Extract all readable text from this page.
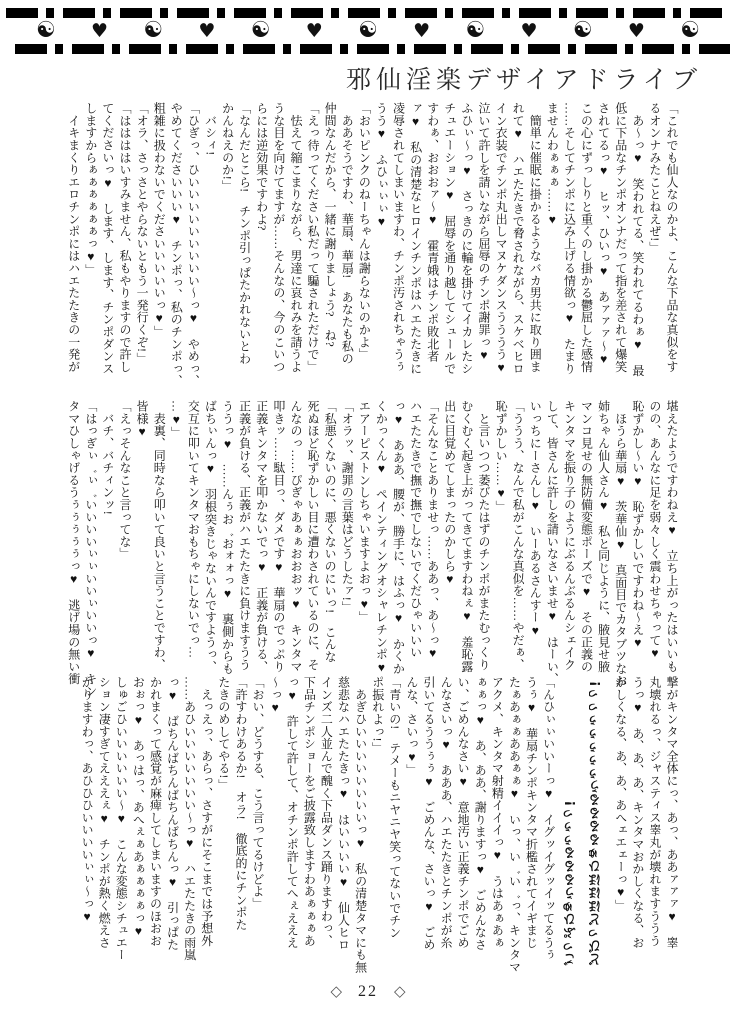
☯ ♥ ☯ ♥ ☯ ♥ ☯ ♥ ☯ ♥ ☯ ♥ ☯
邪仙淫楽デザイアドライブ
「これでも仙人なのかよ、こんな下品な真似をす
るオンナみたことねえぜ!」
　あ〜っ♥　笑われてる、笑われてるわぁ♥　最
低に下品なチンポオンナだって指を差されて爆笑
されてるっ♥　ヒッ、ひいっ♥　あァァァ〜♥
この心にずっしりと重くのし掛かる鬱屈した感情
……そしてチンポに込み上げる情欲っ♥　たまり
ませんわぁぁぁ……♥
　簡単に催眠に掛かるようなバカ男共に取り囲ま
れて♥　ハエたたきで脅されながら、スケベヒロ
イン衣装でチンポ丸出しマヌケダンスうううう♥
泣いて許しを請いながら屈辱のチンポ謝罪っ♥
ふひぃ〜っ♥　さっきのに輪を掛けてイカレたシ
チュエーション♥　屈辱を通り越してシュールで
すわぁ、おおおァ〜♥　霍青娥はチンポ敗北者
ァ♥　私の清楚なヒロインチンポはハエたたきに
凌辱されてしまいますわ、チンポ汚されちゃうぅ
うう♥　ふひぃぃぃ♥
「おいピンクのねーちゃんは謝らないのかよ」
　ああそうですわ、華扇、華扇!　あなたも私の
仲間なんだから、一緒に謝りましょう?　ね?
「えっ待ってください私だって騙されただけで」
　怯えて縮こまりながら、男達に哀れみを請うよ
うな目を向けてますが……そんなの、今のこいつ
らには逆効果ですわよ?
「なんだとこら!　チンポ引っぱたかれないとわ
かんねえのか!」
　バシィ!
「ひぎっ、ひいいいいいいいいい〜っ♥　やめっ、
やめてくださいいい♥　チンポっ、私のチンポっ、
粗雑に扱わないでくださいいいいいっ♥」
「オラ、さっさとやらないともう一発行くぞ!」
「ははははいすみません、私もやりますので許し
てくださいっ♥　します、します、チンポダンス
しますからぁぁぁぁぁぁっ♥」
　イキまくりエロチンポにはハエたたきの一発が
堪えたようですわねえ♥　立ち上がったはいいも
のの、あんなに足を弱々しく震わせちゃって♥
恥ずかし〜い♥　恥ずかしいですわね〜え♥
　ほうら華扇♥　茨華仙♥　真面目でカタブツなお
姉ちゃん仙人さん♥　私と同じように、腋見せ腋
マンコ見せの無防備変態ポーズで♥　その正義の
キンタマを振り子のようにぶるんぶるんシェイク
して、皆さんに許しを請いなさいませ♥　はーい、
いっちにーさんし♥　いーあるさんすー♥
「ううう、なんで私がこんな真似を……やだぁ、
恥ずかしい……♥」
　と言いつつ萎びたはずのチンポがまたむっくり
むくむく起き上がってきてますわねぇ♥　羞恥露
出に目覚めてしまったのかしら♥
「そんなことありませっ……ああっ、あ〜っ♥
ハエたたきで撫で撫でしないでくだひゃいいい
っ♥　あああ、腰が、勝手に、はふっ♥　かくか
くかっくん♥　ペインティングオシャレチンポ♥
エアーピストンしちゃいますよおっ♥」
「オラッ、謝罪の言葉はどうしたァ!」
「私悪くないのに、悪くないのにいっ!　こんな
死ぬほど恥ずかしい目に遭わされているのに、そ
んなのっ……ぴぎゃあぁぁおおおッ♥　キンタマ
叩きッ……駄目っ、ダメです♥　華扇のでっぷり
正義キンタマを叩かないでっ♥　正義が負ける、
正義が負ける、正義がハエたたきに負けますうう
ううっ♥　……んぅお゛おォォっ♥　裏側からも
ばちぃんっ♥　羽根突きじゃないんですようっ、
交互に叩いてキンタマおもちゃにしないでっ…
…♥」
　表裏、同時なら叩いて良いと言うことですわ、
皆様♥
「えっそんなこと言ってな」
　バチ、バチィンッ!
「はっぎぃ゛ぃ゛いいいいぃぃいいぃいいっ♥　キン
タマひしゃげるうぅぅぅぅぅっ♥　逃げ場の無い衝
撃がキンタマ全体にっ、あっ、ああァァァ♥　睾
丸壊れるっ、ジャスティス睾丸が壊れますううう
うっ♥　あ、あ、あ、キンタマおかしくなる、お
かしくなる、あ、あ、あへェエェーっ♥」
どびっどほほほひゅるるるるうぅぅぅぅぅっっ!
ごっぷひゅうるるるぅぅっ!
「んひぃぃいいーっ♥　イグッイグッイッてるうぅ
うぅ♥　華扇チンポキンタマ折檻されてイギまじ
たぁあぁぁああぁぁ♥　いっ、い゛い゛っ、キンタマ
アクメ、キンタマ射精イイイっ♥　うはあぁあぁ
ぁぁっ♥　あ、ああ、謝りますっ♥　ごめんなさ
い、ごめんなさい♥　意地汚い正義チンポでごめ
んなさいっ♥　あああ、ハエたたきとチンポが糸
引いてるううぅぅ♥　ごめんな、さいっ♥　ごめ
んな、さいっ♥」
「青いの!　テメーもニヤニヤ笑ってないでチン
ポ振れよっ!」
　あぎひいいいいいいいいっ♥　私の清楚タマにも無
慈悲なハエたたきっ♥　はいいいい♥　仙人ヒロ
インズ二人並んで醜く下品ダンス踊りますわっ、
下品チンポショーをご披露致しますわあぁぁぁあ
っ♥　許して許して、オチンポ許してへぇえええ
〜っ♥
「おい、どうする、こう言ってるけどよ」
「許すわけあるか!　オラ!　徹底的にチンポた
たきのめしてやる!」
　えっえっ、あらっ、さすがにそこまでは予想外
……あひいいいいいいい〜っ♥　ハエたたきの雨嵐
っ♥　ばちんばちんばちんばちんっ♥　引っぱた
かれまくって感覚が麻痺してしまいますのほおお
おぉっ♥　あっはっ、あへぇぁあぁぁぁぁっ♥
しゅごひいいいいいい〜♥　こんな変態シチュエー
ション凄すぎてえええぇ♥　チンポが熱く燃えさ
かりますわっ、あひひひいいいいぃぃ〜っ♥
◇ 22 ◇
